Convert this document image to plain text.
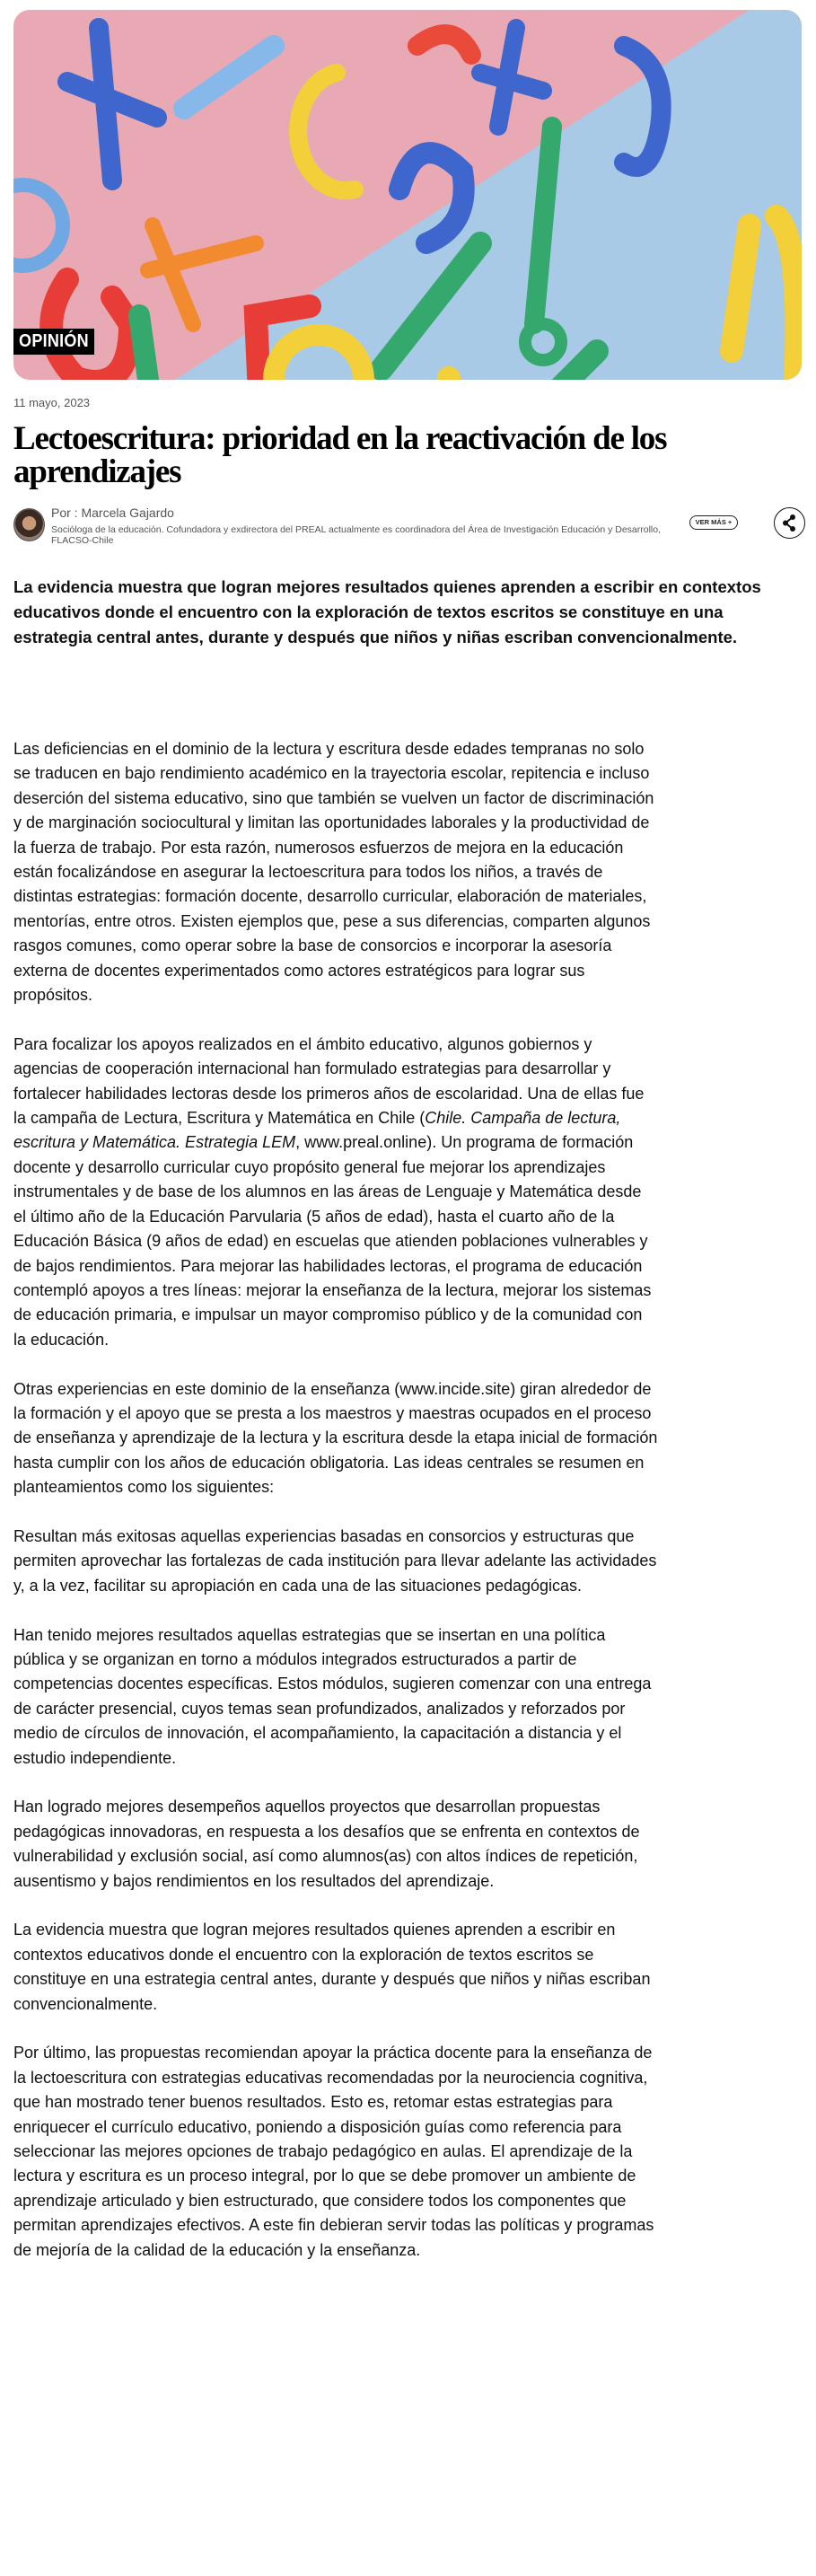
OPINIÓN
11 mayo, 2023
Lectoescritura: prioridad en la reactivación de los aprendizajes
Por : Marcela Gajardo
Socióloga de la educación. Cofundadora y exdirectora del PREAL actualmente es coordinadora del Área de Investigación Educación y Desarrollo, FLACSO-Chile
VER MÁS +

La evidencia muestra que logran mejores resultados quienes aprenden a escribir en contextos educativos donde el encuentro con la exploración de textos escritos se constituye en una estrategia central antes, durante y después que niños y niñas escriban convencionalmente.

Las deficiencias en el dominio de la lectura y escritura desde edades tempranas no solo se traducen en bajo rendimiento académico en la trayectoria escolar, repitencia e incluso deserción del sistema educativo, sino que también se vuelven un factor de discriminación y de marginación sociocultural y limitan las oportunidades laborales y la productividad de la fuerza de trabajo. Por esta razón, numerosos esfuerzos de mejora en la educación están focalizándose en asegurar la lectoescritura para todos los niños, a través de distintas estrategias: formación docente, desarrollo curricular, elaboración de materiales, mentorías, entre otros. Existen ejemplos que, pese a sus diferencias, comparten algunos rasgos comunes, como operar sobre la base de consorcios e incorporar la asesoría externa de docentes experimentados como actores estratégicos para lograr sus propósitos.

Para focalizar los apoyos realizados en el ámbito educativo, algunos gobiernos y agencias de cooperación internacional han formulado estrategias para desarrollar y fortalecer habilidades lectoras desde los primeros años de escolaridad. Una de ellas fue la campaña de Lectura, Escritura y Matemática en Chile (Chile. Campaña de lectura, escritura y Matemática. Estrategia LEM, www.preal.online). Un programa de formación docente y desarrollo curricular cuyo propósito general fue mejorar los aprendizajes instrumentales y de base de los alumnos en las áreas de Lenguaje y Matemática desde el último año de la Educación Parvularia (5 años de edad), hasta el cuarto año de la Educación Básica (9 años de edad) en escuelas que atienden poblaciones vulnerables y de bajos rendimientos. Para mejorar las habilidades lectoras, el programa de educación contempló apoyos a tres líneas: mejorar la enseñanza de la lectura, mejorar los sistemas de educación primaria, e impulsar un mayor compromiso público y de la comunidad con la educación.

Otras experiencias en este dominio de la enseñanza (www.incide.site) giran alrededor de la formación y el apoyo que se presta a los maestros y maestras ocupados en el proceso de enseñanza y aprendizaje de la lectura y la escritura desde la etapa inicial de formación hasta cumplir con los años de educación obligatoria. Las ideas centrales se resumen en planteamientos como los siguientes:

Resultan más exitosas aquellas experiencias basadas en consorcios y estructuras que permiten aprovechar las fortalezas de cada institución para llevar adelante las actividades y, a la vez, facilitar su apropiación en cada una de las situaciones pedagógicas.

Han tenido mejores resultados aquellas estrategias que se insertan en una política pública y se organizan en torno a módulos integrados estructurados a partir de competencias docentes específicas. Estos módulos, sugieren comenzar con una entrega de carácter presencial, cuyos temas sean profundizados, analizados y reforzados por medio de círculos de innovación, el acompañamiento, la capacitación a distancia y el estudio independiente.

Han logrado mejores desempeños aquellos proyectos que desarrollan propuestas pedagógicas innovadoras, en respuesta a los desafíos que se enfrenta en contextos de vulnerabilidad y exclusión social, así como alumnos(as) con altos índices de repetición, ausentismo y bajos rendimientos en los resultados del aprendizaje.

La evidencia muestra que logran mejores resultados quienes aprenden a escribir en contextos educativos donde el encuentro con la exploración de textos escritos se constituye en una estrategia central antes, durante y después que niños y niñas escriban convencionalmente.

Por último, las propuestas recomiendan apoyar la práctica docente para la enseñanza de la lectoescritura con estrategias educativas recomendadas por la neurociencia cognitiva, que han mostrado tener buenos resultados. Esto es, retomar estas estrategias para enriquecer el currículo educativo, poniendo a disposición guías como referencia para seleccionar las mejores opciones de trabajo pedagógico en aulas. El aprendizaje de la lectura y escritura es un proceso integral, por lo que se debe promover un ambiente de aprendizaje articulado y bien estructurado, que considere todos los componentes que permitan aprendizajes efectivos. A este fin debieran servir todas las políticas y programas de mejoría de la calidad de la educación y la enseñanza.
